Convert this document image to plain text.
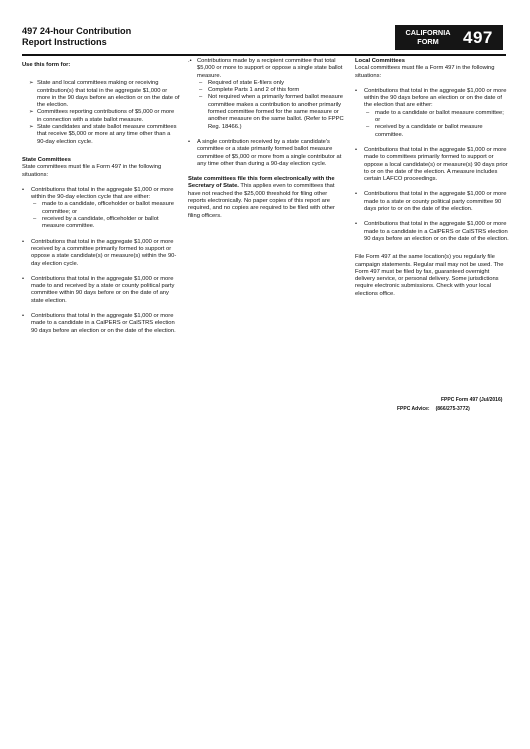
497 24-hour Contribution
Report Instructions
CALIFORNIA
FORM	497

Use this form for:

➢ State and local committees making or receiving contribution(s) that total in the aggregate $1,000 or more in the 90 days before an election or on the date of the election.
➢ Committees reporting contributions of $5,000 or more in connection with a state ballot measure.
➢ State candidates and state ballot measure committees that receive $5,000 or more at any time other than a 90-day election cycle.

State Committees

State committees must file a Form 497 in the following situations:

• Contributions that total in the aggregate $1,000 or more within the 90-day election cycle that are either:
– made to a candidate, officeholder or ballot measure committee; or
– received by a candidate, officeholder or ballot measure committee.
• Contributions that total in the aggregate $1,000 or more received by a committee primarily formed to support or oppose a state candidate(s) or measure(s) within the 90-day election cycle.
• Contributions that total in the aggregate $1,000 or more made to and received by a state or county political party committee within 90 days before or on the date of any state election.
• Contributions that total in the aggregate $1,000 or more made to a candidate in a CalPERS or CalSTRS election 90 days before an election or on the date of the election.
.• Contributions made by a recipient committee that total $5,000 or more to support or oppose a single state ballot measure.
– Required of state E-filers only
– Complete Parts 1 and 2 of this form
– Not required when a primarily formed ballot measure committee makes a contribution to another primarily formed committee formed for the same measure or another measure on the same ballot. (Refer to FPPC Reg. 18466.)
• A single contribution received by a state candidate's committee or a state primarily formed ballot measure committee of $5,000 or more from a single contributor at any time other than during a 90-day election cycle.

State committees file this form electronically with the Secretary of State. This applies even to committees that have not reached the $25,000 threshold for filing other reports electronically. No paper copies of this report are required, and no copies are required to be filed with other filing officers.

Local Committees

Local committees must file a Form 497 in the following situations:

• Contributions that total in the aggregate $1,000 or more within the 90 days before an election or on the date of the election that are either:
– made to a candidate or ballot measure committee; or
– received by a candidate or ballot measure committee.
• Contributions that total in the aggregate $1,000 or more made to committees primarily formed to support or oppose a local candidate(s) or measure(s) 90 days prior to or on the date of the election. A measure includes certain LAFCO proceedings.
• Contributions that total in the aggregate $1,000 or more made to a state or county political party committee 90 days prior to or on the date of the election.
• Contributions that total in the aggregate $1,000 or more made to a candidate in a CalPERS or CalSTRS election 90 days before an election or on the date of the election.

File Form 497 at the same location(s) you regularly file campaign statements. Regular mail may not be used. The Form 497 must be filed by fax, guaranteed overnight delivery service, or personal delivery. Some jurisdictions require electronic submissions. Check with your local elections office.

FPPC Form 497 (Jul/2016)
FPPC Advice: (866/275-3772)
